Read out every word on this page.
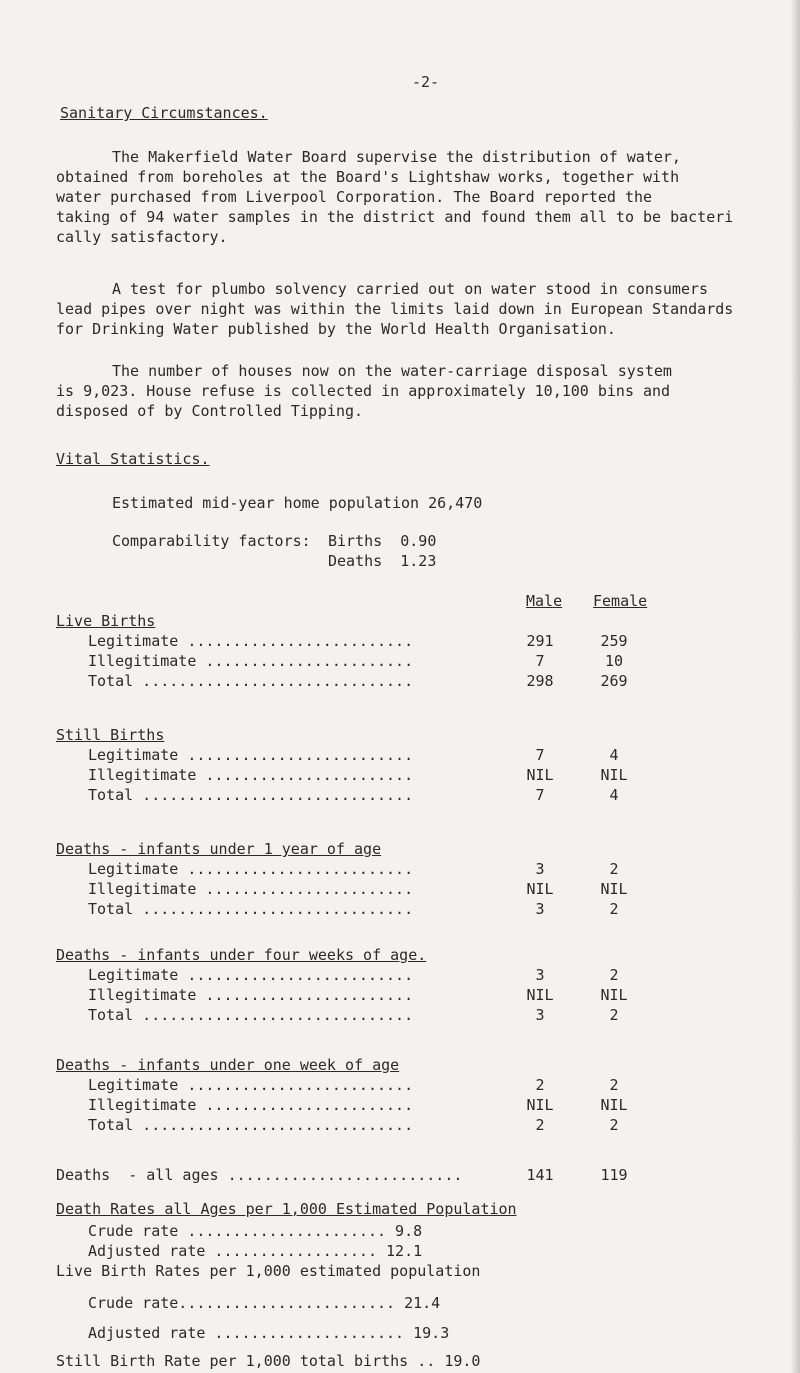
-2-
Sanitary Circumstances.
The Makerfield Water Board supervise the distribution of water,
obtained from boreholes at the Board's Lightshaw works, together with
water purchased from Liverpool Corporation. The Board reported the
taking of 94 water samples in the district and found them all to be bacteri
cally satisfactory.
A test for plumbo solvency carried out on water stood in consumers
lead pipes over night was within the limits laid down in European Standards
for Drinking Water published by the World Health Organisation.
The number of houses now on the water-carriage disposal system
is 9,023. House refuse is collected in approximately 10,100 bins and
disposed of by Controlled Tipping.
Vital Statistics.
Estimated mid-year home population 26,470
Comparability factors: Births  0.90
Deaths  1.23
Male Female
Live Births
Legitimate .........................	291	259
Illegitimate .......................	7	10
Total ..............................	298	269
Still Births
Legitimate .........................	7	4
Illegitimate .......................	NIL	NIL
Total ..............................	7	4
Deaths - infants under 1 year of age
Legitimate .........................	3	2
Illegitimate .......................	NIL	NIL
Total ..............................	3	2
Deaths - infants under four weeks of age.
Legitimate .........................	3	2
Illegitimate .......................	NIL	NIL
Total ..............................	3	2
Deaths - infants under one week of age
Legitimate .........................	2	2
Illegitimate .......................	NIL	NIL
Total ..............................	2	2
Deaths  - all ages ..........................	141	119
Death Rates all Ages per 1,000 Estimated Population
Crude rate ...................... 9.8
Adjusted rate .................. 12.1
Live Birth Rates per 1,000 estimated population
Crude rate........................ 21.4
Adjusted rate ..................... 19.3
Still Birth Rate per 1,000 total births .. 19.0
